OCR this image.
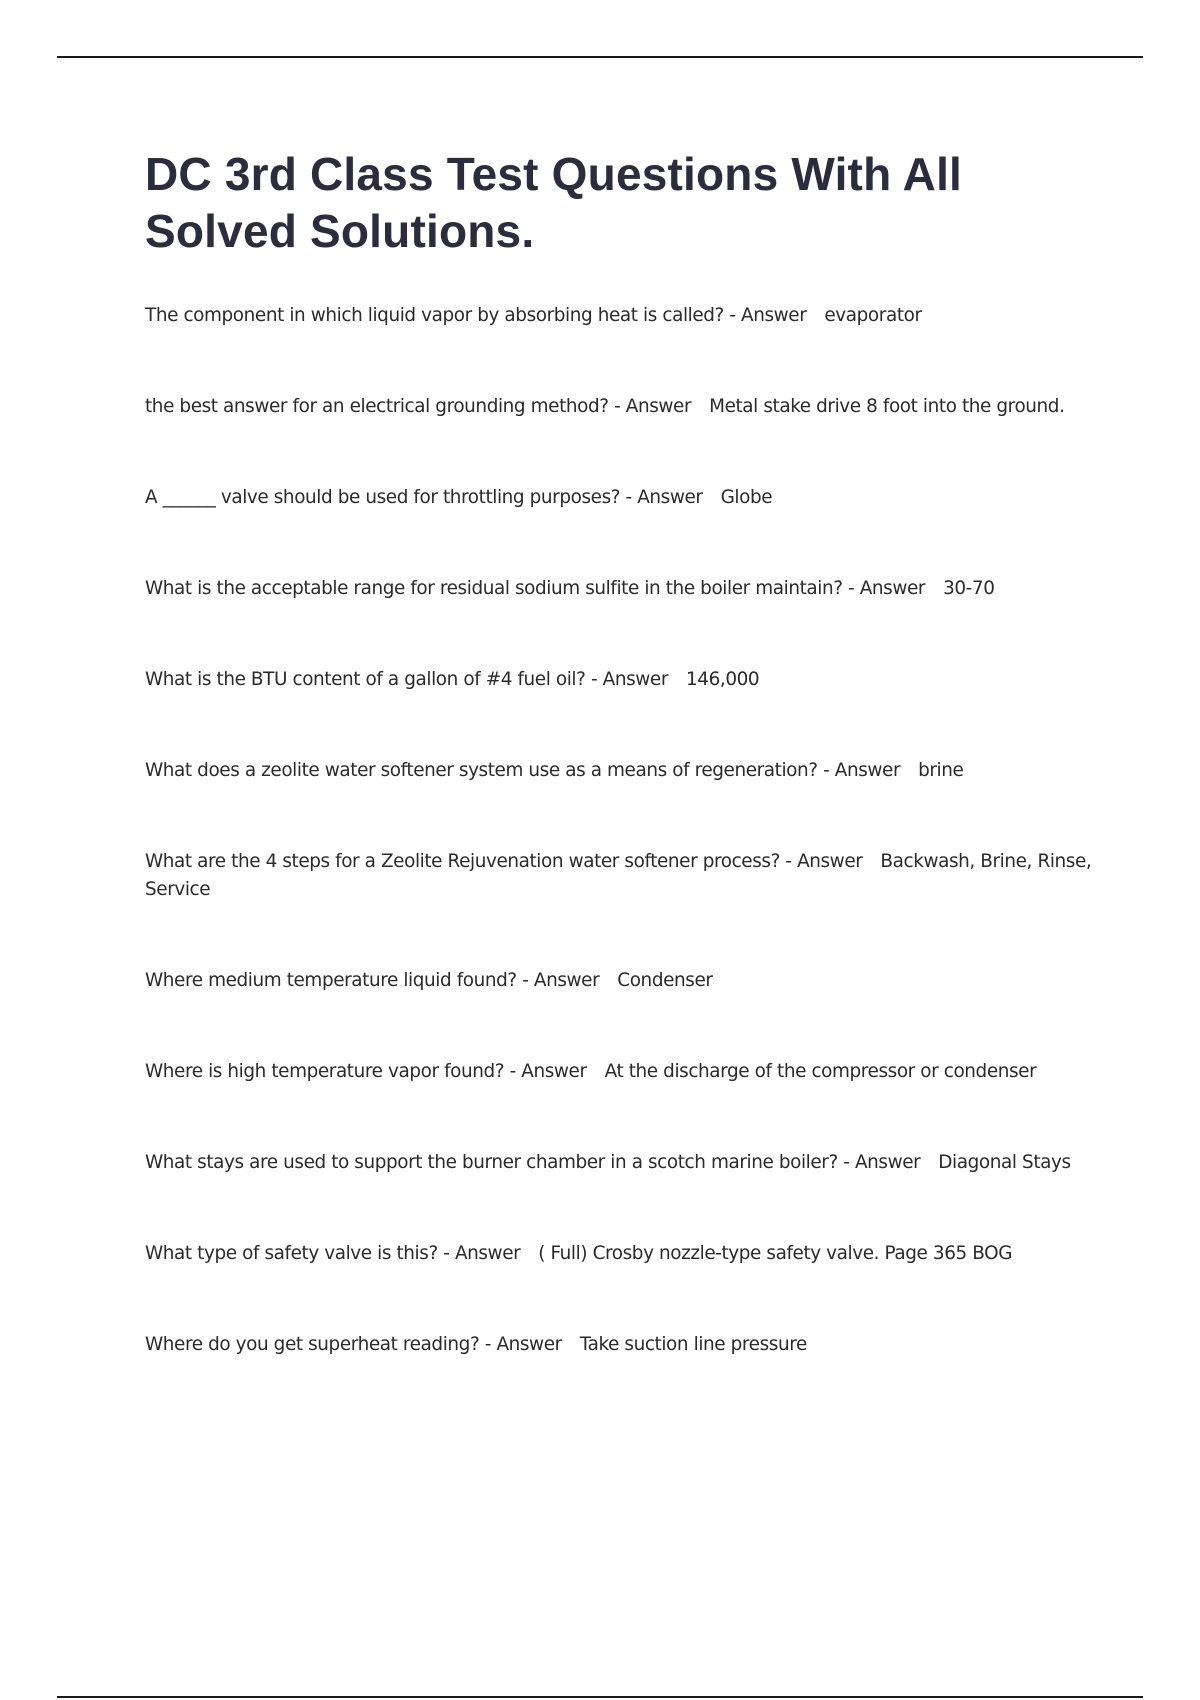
DC 3rd Class Test Questions With All Solved Solutions.
The component in which liquid vapor by absorbing heat is called? - Answer evaporator
the best answer for an electrical grounding method? - Answer Metal stake drive 8 foot into the ground.
A ______ valve should be used for throttling purposes? - Answer Globe
What is the acceptable range for residual sodium sulfite in the boiler maintain? - Answer 30-70
What is the BTU content of a gallon of #4 fuel oil? - Answer 146,000
What does a zeolite water softener system use as a means of regeneration? - Answer brine
What are the 4 steps for a Zeolite Rejuvenation water softener process? - Answer Backwash, Brine, Rinse, Service
Where medium temperature liquid found? - Answer Condenser
Where is high temperature vapor found? - Answer At the discharge of the compressor or condenser
What stays are used to support the burner chamber in a scotch marine boiler? - Answer Diagonal Stays
What type of safety valve is this? - Answer ( Full) Crosby nozzle-type safety valve. Page 365 BOG
Where do you get superheat reading? - Answer Take suction line pressure
